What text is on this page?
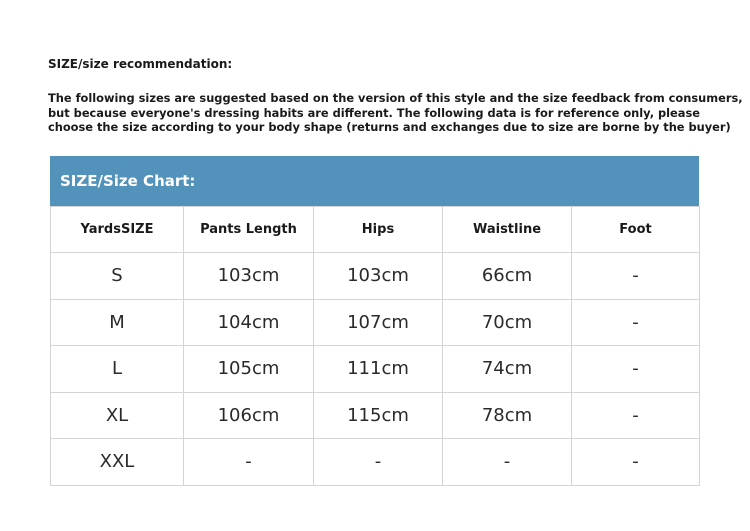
SIZE/size recommendation:
The following sizes are suggested based on the version of this style and the size feedback from consumers,
but because everyone's dressing habits are different. The following data is for reference only, please
choose the size according to your body shape (returns and exchanges due to size are borne by the buyer)
SIZE/Size Chart:
YardsSIZE	Pants Length	Hips	Waistline	Foot
S	103cm	103cm	66cm	-
M	104cm	107cm	70cm	-
L	105cm	111cm	74cm	-
XL	106cm	115cm	78cm	-
XXL	-	-	-	-
